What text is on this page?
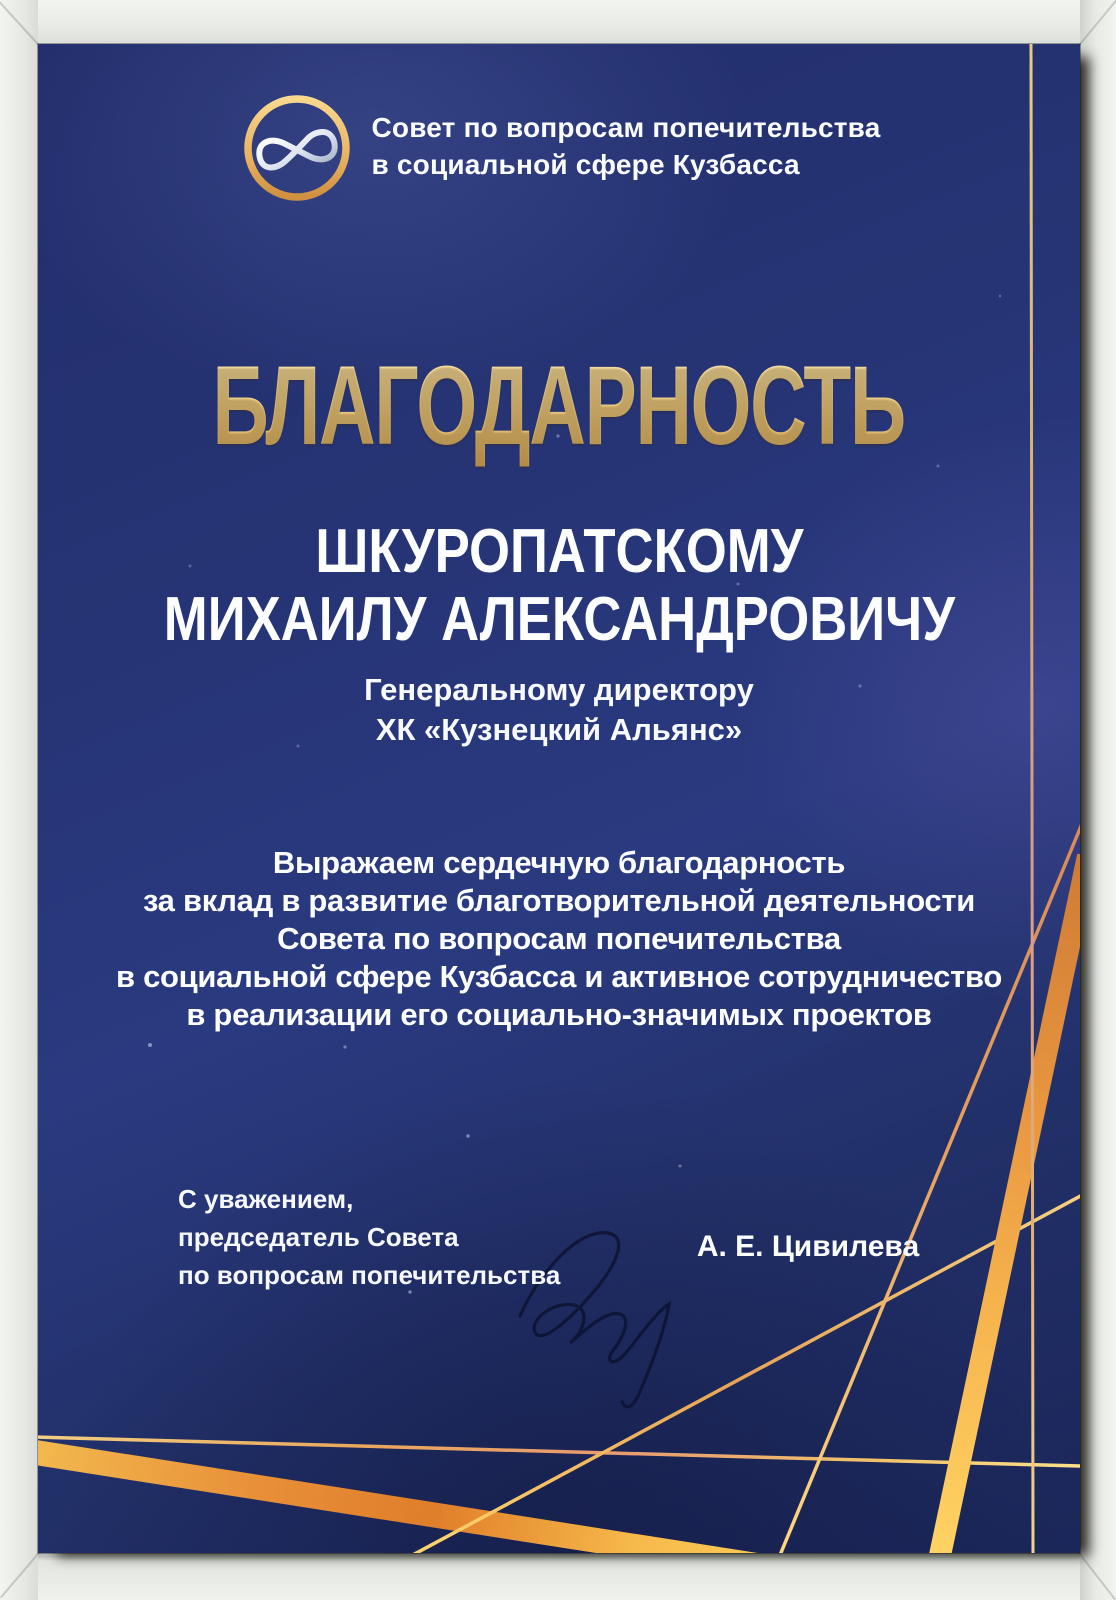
Совет по вопросам попечительства
в социальной сфере Кузбасса
БЛАГОДАРНОСТЬ
ШКУРОПАТСКОМУ
МИХАИЛУ АЛЕКСАНДРОВИЧУ
Генеральному директору
ХК «Кузнецкий Альянс»
Выражаем сердечную благодарность
за вклад в развитие благотворительной деятельности
Совета по вопросам попечительства
в социальной сфере Кузбасса и активное сотрудничество
в реализации его социально-значимых проектов
С уважением,
председатель Совета
по вопросам попечительства
А. Е. Цивилева
